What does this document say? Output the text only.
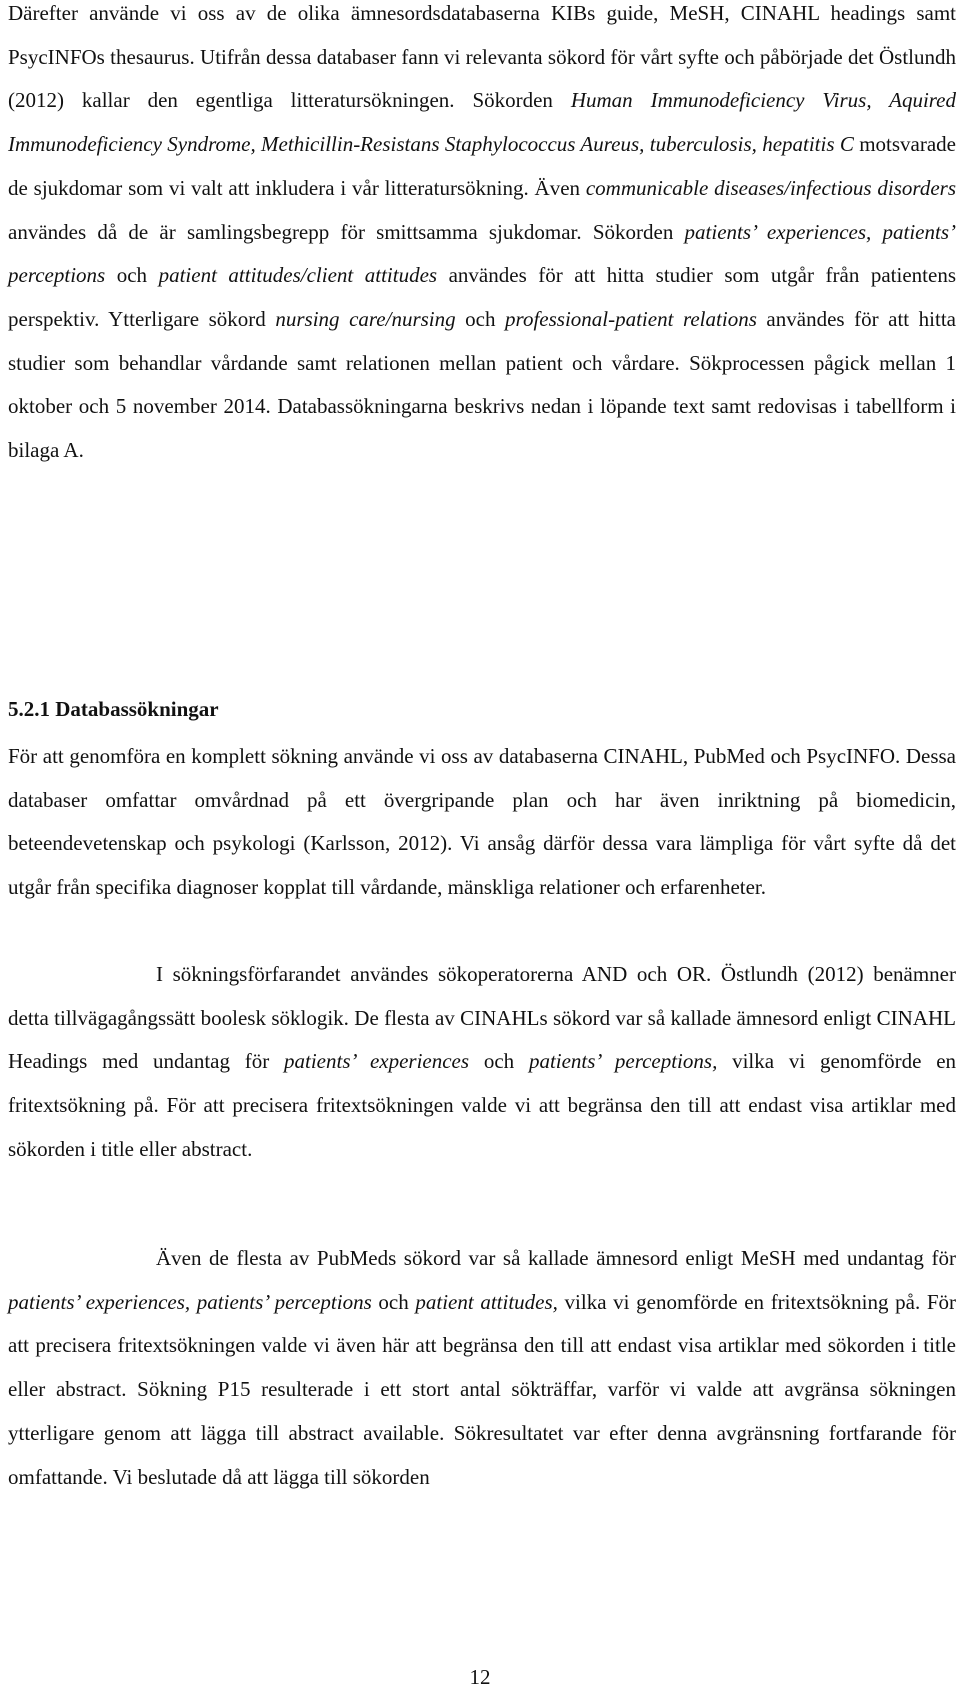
Därefter använde vi oss av de olika ämnesordsdatabaserna KIBs guide, MeSH, CINAHL headings samt PsycINFOs thesaurus. Utifrån dessa databaser fann vi relevanta sökord för vårt syfte och påbörjade det Östlundh (2012) kallar den egentliga litteratursökningen. Sökorden Human Immunodeficiency Virus, Aquired Immunodeficiency Syndrome, Methicillin-Resistans Staphylococcus Aureus, tuberculosis, hepatitis C motsvarade de sjukdomar som vi valt att inkludera i vår litteratursökning. Även communicable diseases/infectious disorders användes då de är samlingsbegrepp för smittsamma sjukdomar. Sökorden patients’ experiences, patients’ perceptions och patient attitudes/client attitudes användes för att hitta studier som utgår från patientens perspektiv. Ytterligare sökord nursing care/nursing och professional-patient relations användes för att hitta studier som behandlar vårdande samt relationen mellan patient och vårdare. Sökprocessen pågick mellan 1 oktober och 5 november 2014. Databassökningarna beskrivs nedan i löpande text samt redovisas i tabellform i bilaga A.

5.2.1 Databassökningar

För att genomföra en komplett sökning använde vi oss av databaserna CINAHL, PubMed och PsycINFO. Dessa databaser omfattar omvårdnad på ett övergripande plan och har även inriktning på biomedicin, beteendevetenskap och psykologi (Karlsson, 2012). Vi ansåg därför dessa vara lämpliga för vårt syfte då det utgår från specifika diagnoser kopplat till vårdande, mänskliga relationer och erfarenheter.

I sökningsförfarandet användes sökoperatorerna AND och OR. Östlundh (2012) benämner detta tillvägagångssätt boolesk söklogik. De flesta av CINAHLs sökord var så kallade ämnesord enligt CINAHL Headings med undantag för patients’ experiences och patients’ perceptions, vilka vi genomförde en fritextsökning på. För att precisera fritextsökningen valde vi att begränsa den till att endast visa artiklar med sökorden i title eller abstract.

Även de flesta av PubMeds sökord var så kallade ämnesord enligt MeSH med undantag för patients’ experiences, patients’ perceptions och patient attitudes, vilka vi genomförde en fritextsökning på. För att precisera fritextsökningen valde vi även här att begränsa den till att endast visa artiklar med sökorden i title eller abstract. Sökning P15 resulterade i ett stort antal sökträffar, varför vi valde att avgränsa sökningen ytterligare genom att lägga till abstract available. Sökresultatet var efter denna avgränsning fortfarande för omfattande. Vi beslutade då att lägga till sökorden

12
